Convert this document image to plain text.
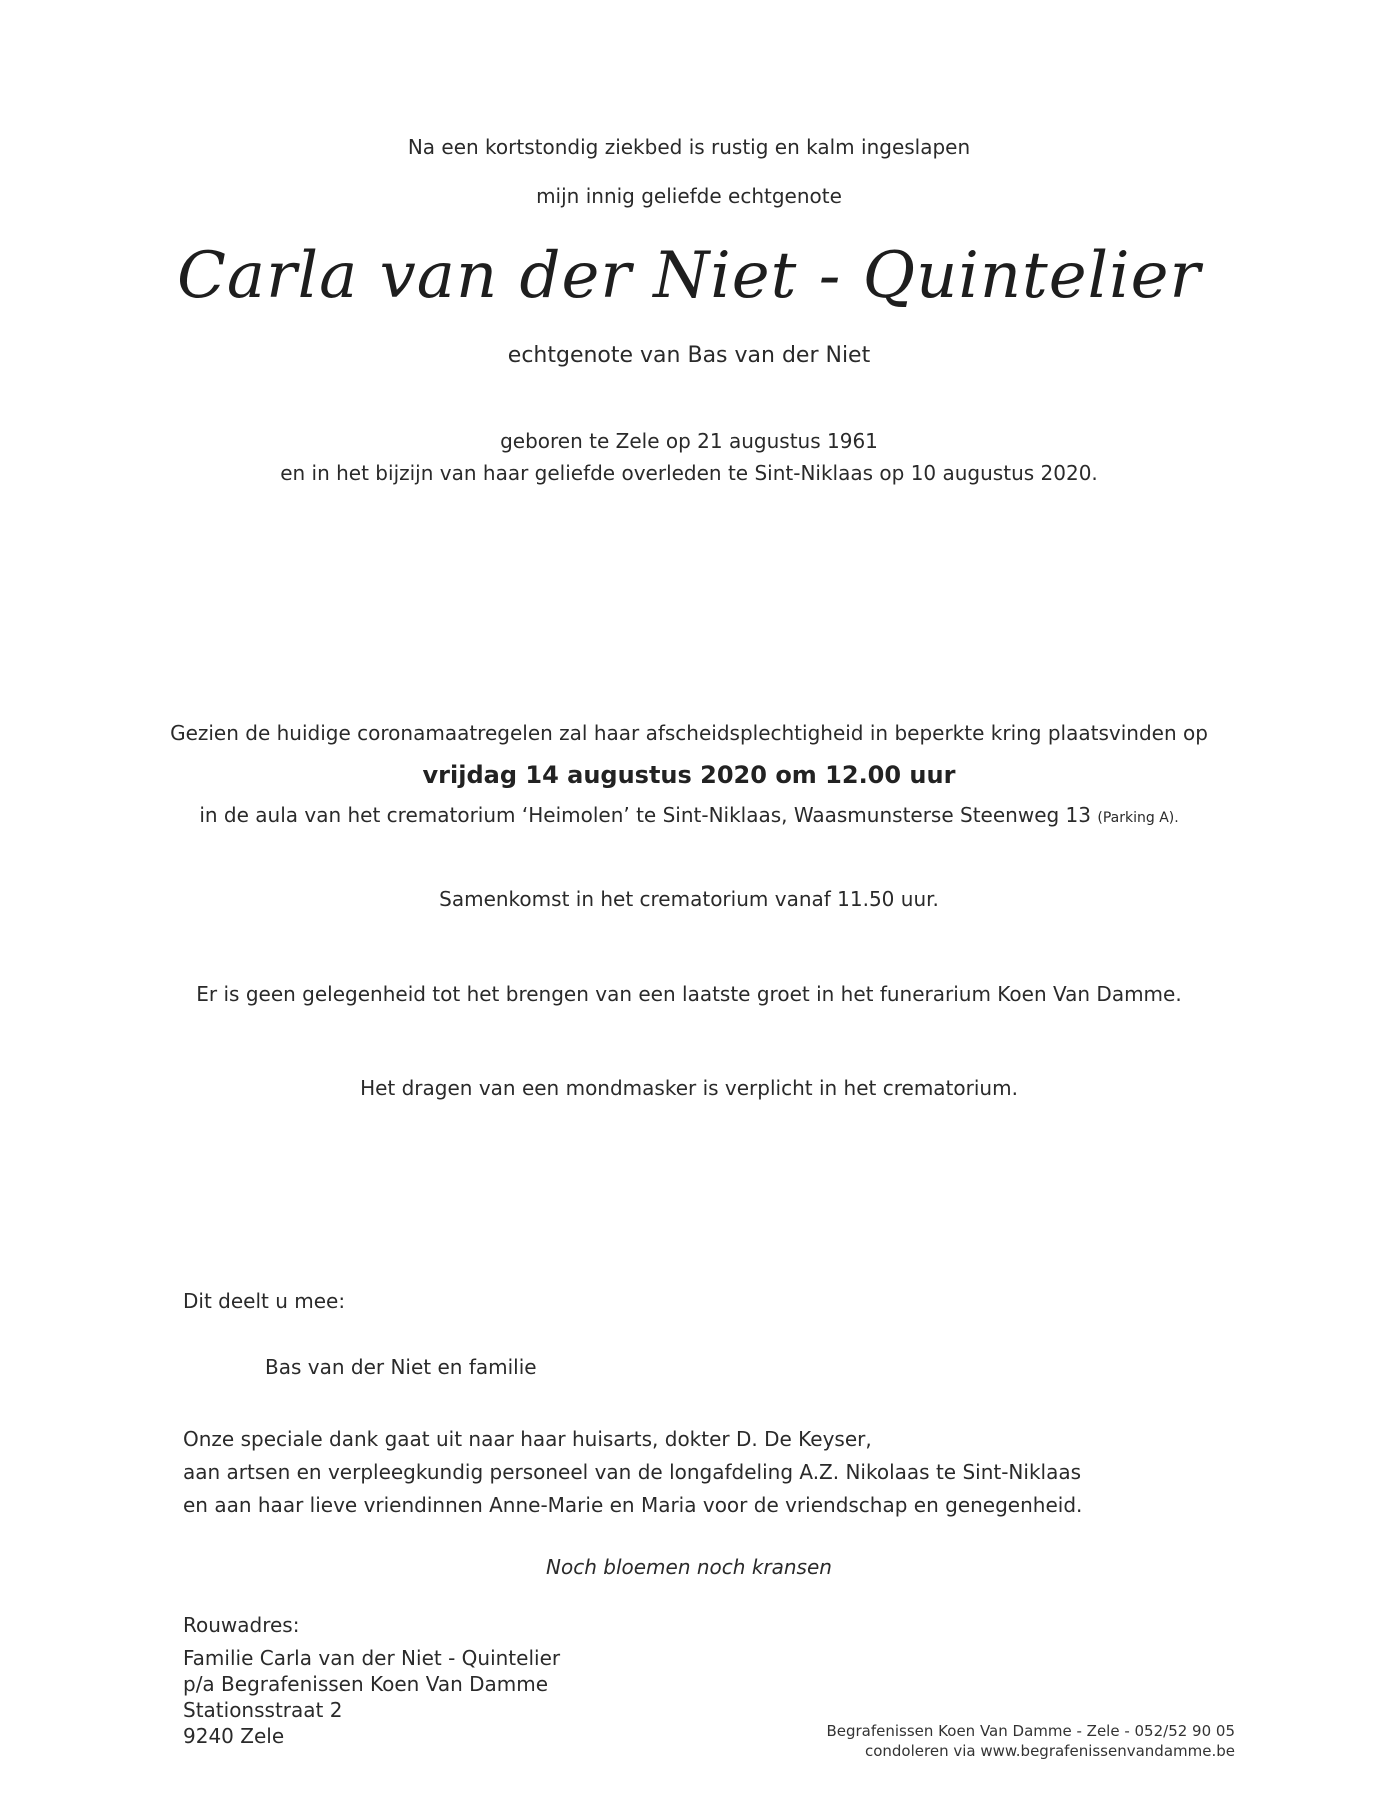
Na een kortstondig ziekbed is rustig en kalm ingeslapen
mijn innig geliefde echtgenote
Carla van der Niet - Quintelier
echtgenote van Bas van der Niet
geboren te Zele op 21 augustus 1961
en in het bijzijn van haar geliefde overleden te Sint-Niklaas op 10 augustus 2020.
Gezien de huidige coronamaatregelen zal haar afscheidsplechtigheid in beperkte kring plaatsvinden op
vrijdag 14 augustus 2020 om 12.00 uur
in de aula van het crematorium ‘Heimolen’ te Sint-Niklaas, Waasmunsterse Steenweg 13 (Parking A).
Samenkomst in het crematorium vanaf 11.50 uur.
Er is geen gelegenheid tot het brengen van een laatste groet in het funerarium Koen Van Damme.
Het dragen van een mondmasker is verplicht in het crematorium.
Dit deelt u mee:
Bas van der Niet en familie
Onze speciale dank gaat uit naar haar huisarts, dokter D. De Keyser,
aan artsen en verpleegkundig personeel van de longafdeling A.Z. Nikolaas te Sint-Niklaas
en aan haar lieve vriendinnen Anne-Marie en Maria voor de vriendschap en genegenheid.
Noch bloemen noch kransen
Rouwadres:
Familie Carla van der Niet - Quintelier
p/a Begrafenissen Koen Van Damme
Stationsstraat 2
9240 Zele	Begrafenissen Koen Van Damme - Zele - 052/52 90 05
condoleren via www.begrafenissenvandamme.be
